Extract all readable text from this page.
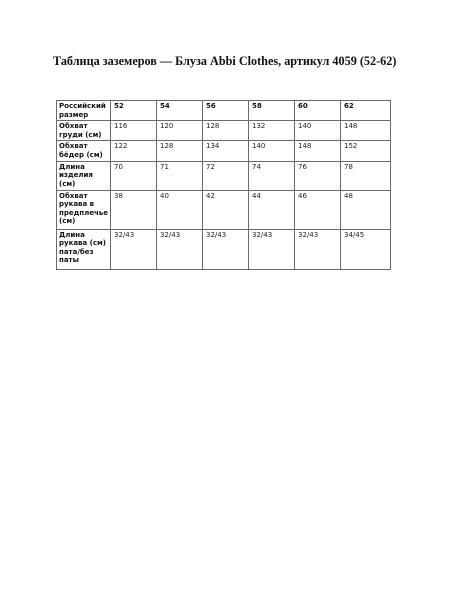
Таблица заземеров — Блуза Abbi Clothes, артикул 4059 (52-62)
Российский размер	52	54	56	58	60	62
Обхват груди (см)	116	120	128	132	140	148
Обхват бёдер (см)	122	128	134	140	148	152
Длина изделия (см)	70	71	72	74	76	78
Обхват рукава в предплечье (см)	38	40	42	44	46	48
Длина рукава (см) пата/без паты	32/43	32/43	32/43	32/43	32/43	34/45
